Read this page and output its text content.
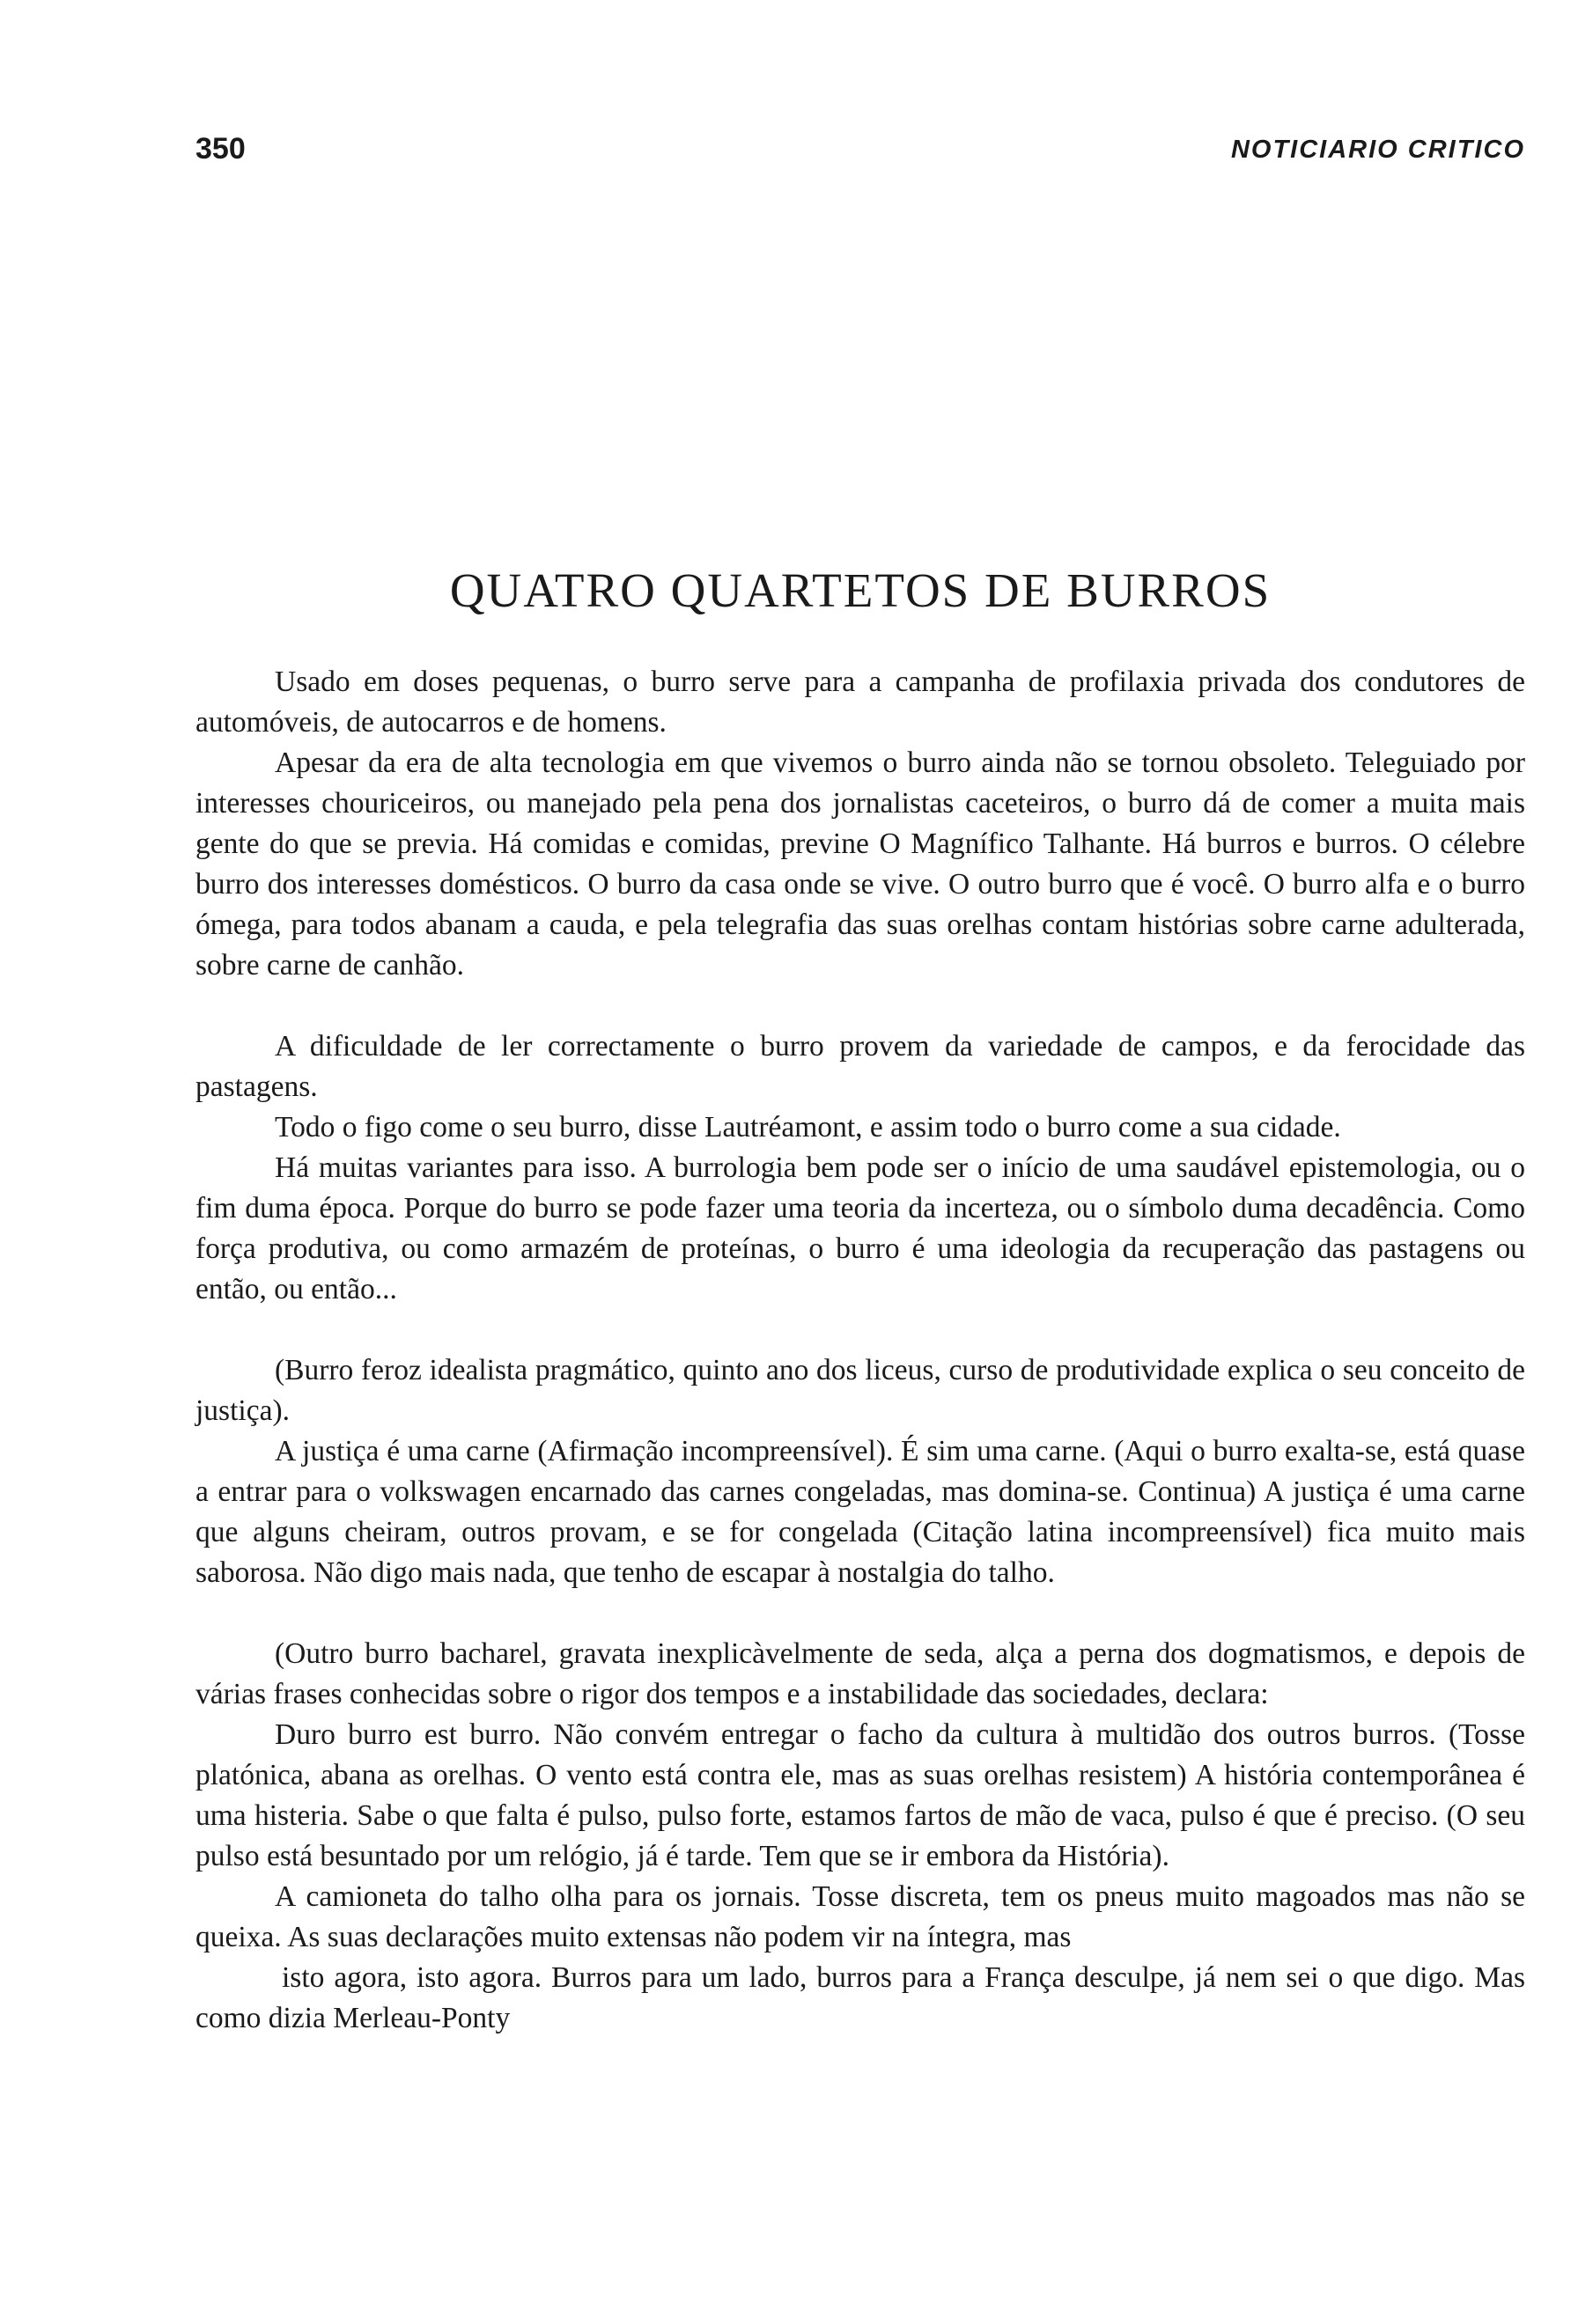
350	NOTICIARIO CRITICO
QUATRO QUARTETOS DE BURROS

Usado em doses pequenas, o burro serve para a campanha de profilaxia privada dos condutores de automóveis, de autocarros e de homens.

Apesar da era de alta tecnologia em que vivemos o burro ainda não se tornou obsoleto. Teleguiado por interesses chouriceiros, ou manejado pela pena dos jornalistas caceteiros, o burro dá de comer a muita mais gente do que se previa. Há comidas e comidas, previne O Magnífico Talhante. Há burros e burros. O célebre burro dos interesses domésticos. O burro da casa onde se vive. O outro burro que é você. O burro alfa e o burro ómega, para todos abanam a cauda, e pela telegrafia das suas orelhas contam histórias sobre carne adulterada, sobre carne de canhão.

A dificuldade de ler correctamente o burro provem da variedade de campos, e da ferocidade das pastagens.

Todo o figo come o seu burro, disse Lautréamont, e assim todo o burro come a sua cidade.

Há muitas variantes para isso. A burrologia bem pode ser o início de uma saudável epistemologia, ou o fim duma época. Porque do burro se pode fazer uma teoria da incerteza, ou o símbolo duma decadência. Como força produtiva, ou como armazém de proteínas, o burro é uma ideologia da recuperação das pastagens ou então, ou então...

(Burro feroz idealista pragmático, quinto ano dos liceus, curso de produtividade explica o seu conceito de justiça).

A justiça é uma carne (Afirmação incompreensível). É sim uma carne. (Aqui o burro exalta-se, está quase a entrar para o volkswagen encarnado das carnes congeladas, mas domina-se. Continua) A justiça é uma carne que alguns cheiram, outros provam, e se for congelada (Citação latina incompreensível) fica muito mais saborosa. Não digo mais nada, que tenho de escapar à nostalgia do talho.

(Outro burro bacharel, gravata inexplicàvelmente de seda, alça a perna dos dogmatismos, e depois de várias frases conhecidas sobre o rigor dos tempos e a instabilidade das sociedades, declara:

Duro burro est burro. Não convém entregar o facho da cultura à multidão dos outros burros. (Tosse platónica, abana as orelhas. O vento está contra ele, mas as suas orelhas resistem) A história contemporânea é uma histeria. Sabe o que falta é pulso, pulso forte, estamos fartos de mão de vaca, pulso é que é preciso. (O seu pulso está besuntado por um relógio, já é tarde. Tem que se ir embora da História).

A camioneta do talho olha para os jornais. Tosse discreta, tem os pneus muito magoados mas não se queixa. As suas declarações muito extensas não podem vir na íntegra, mas

isto agora, isto agora. Burros para um lado, burros para a França desculpe, já nem sei o que digo. Mas como dizia Merleau-Ponty
